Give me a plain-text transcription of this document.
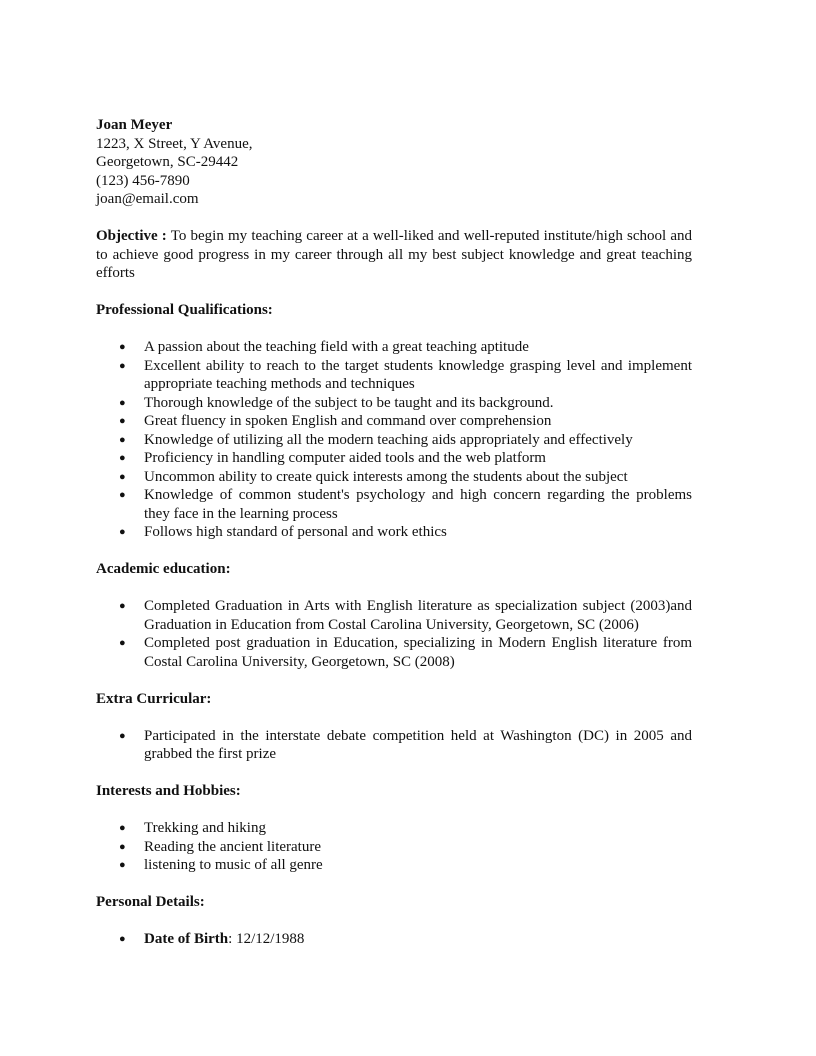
Joan Meyer
1223, X Street, Y Avenue,
Georgetown, SC-29442
(123) 456-7890
joan@email.com
Objective : To begin my teaching career at a well-liked and well-reputed institute/high school and to achieve good progress in my career through all my best subject knowledge and great teaching efforts
Professional Qualifications:
● A passion about the teaching field with a great teaching aptitude
● Excellent ability to reach to the target students knowledge grasping level and implement appropriate teaching methods and techniques
● Thorough knowledge of the subject to be taught and its background.
● Great fluency in spoken English and command over comprehension
● Knowledge of utilizing all the modern teaching aids appropriately and effectively
● Proficiency in handling computer aided tools and the web platform
● Uncommon ability to create quick interests among the students about the subject
● Knowledge of common student's psychology and high concern regarding the problems they face in the learning process
● Follows high standard of personal and work ethics
Academic education:
● Completed Graduation in Arts with English literature as specialization subject (2003)and Graduation in Education from Costal Carolina University, Georgetown, SC (2006)
● Completed post graduation in Education, specializing in Modern English literature from Costal Carolina University, Georgetown, SC (2008)
Extra Curricular:
● Participated in the interstate debate competition held at Washington (DC) in 2005 and grabbed the first prize
Interests and Hobbies:
● Trekking and hiking
● Reading the ancient literature
● listening to music of all genre
Personal Details:
● Date of Birth: 12/12/1988
